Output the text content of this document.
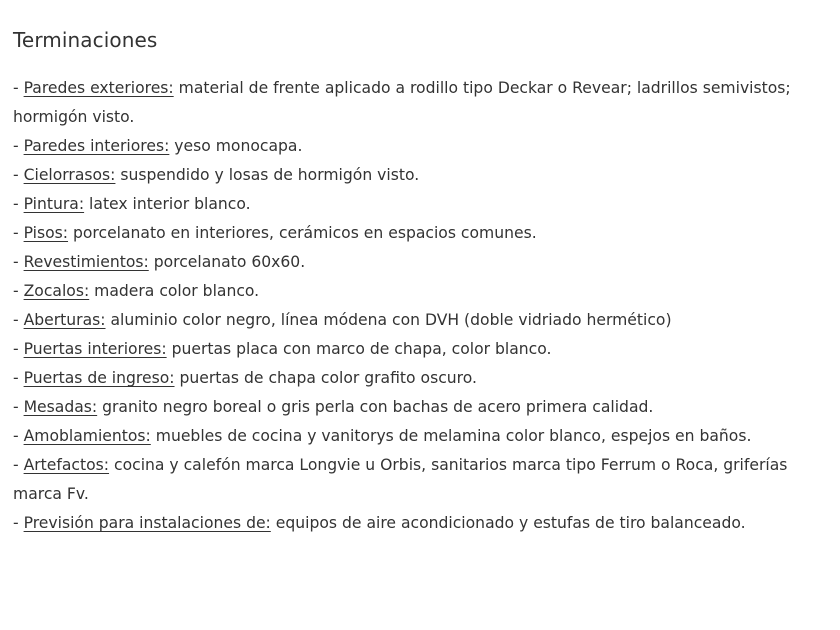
Terminaciones
- Paredes exteriores: material de frente aplicado a rodillo tipo Deckar o Revear; ladrillos semivistos; hormigón visto.
- Paredes interiores: yeso monocapa.
- Cielorrasos: suspendido y losas de hormigón visto.
- Pintura: latex interior blanco.
- Pisos: porcelanato en interiores, cerámicos en espacios comunes.
- Revestimientos: porcelanato 60x60.
- Zocalos: madera color blanco.
- Aberturas: aluminio color negro, línea módena con DVH (doble vidriado hermético)
- Puertas interiores: puertas placa con marco de chapa, color blanco.
- Puertas de ingreso: puertas de chapa color grafito oscuro.
- Mesadas: granito negro boreal o gris perla con bachas de acero primera calidad.
- Amoblamientos: muebles de cocina y vanitorys de melamina color blanco, espejos en baños.
- Artefactos: cocina y calefón marca Longvie u Orbis, sanitarios marca tipo Ferrum o Roca, griferías marca Fv.
- Previsión para instalaciones de: equipos de aire acondicionado y estufas de tiro balanceado.
